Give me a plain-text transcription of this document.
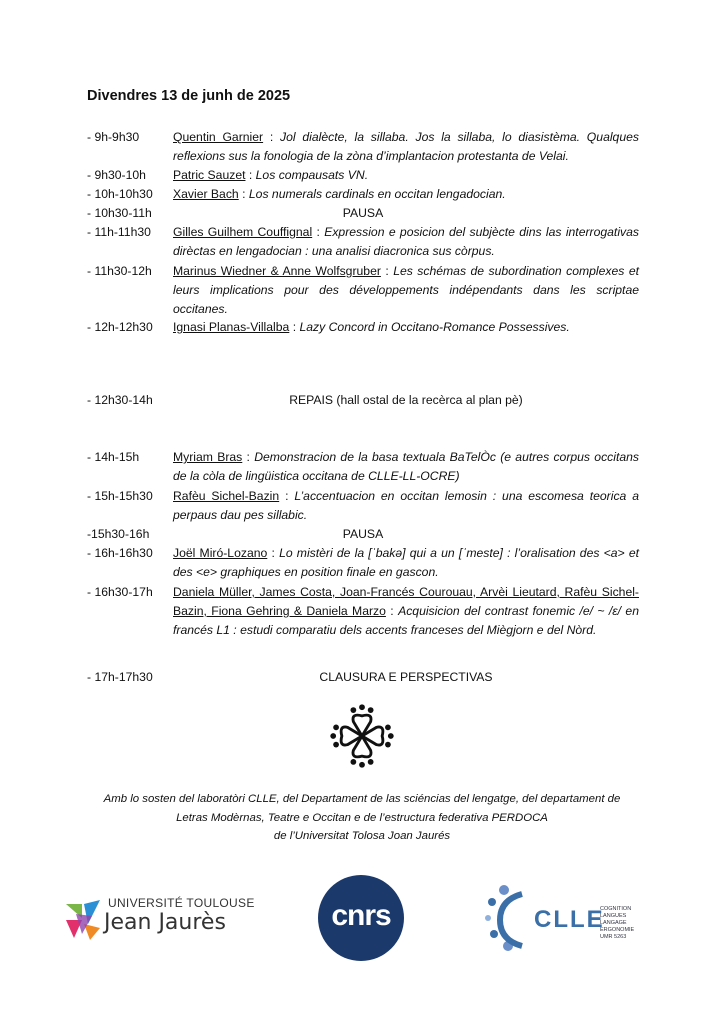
Divendres 13 de junh de 2025
- 9h-9h30	Quentin Garnier : Jol dialècte, la sillaba. Jos la sillaba, lo diasistèma. Qualques reflexions sus la fonologia de la zòna d’implantacion protestanta de Velai.
- 9h30-10h	Patric Sauzet : Los compausats VN.
- 10h-10h30	Xavier Bach : Los numerals cardinals en occitan lengadocian.
- 10h30-11h	PAUSA
- 11h-11h30	Gilles Guilhem Couffignal : Expression e posicion del subjècte dins las interrogativas dirèctas en lengadocian : una analisi diacronica sus còrpus.
- 11h30-12h	Marinus Wiedner & Anne Wolfsgruber : Les schémas de subordination complexes et leurs implications pour des développements indépendants dans les scriptae occitanes.
- 12h-12h30	Ignasi Planas-Villalba : Lazy Concord in Occitano-Romance Possessives.
- 12h30-14h	REPAIS (hall ostal de la recèrca al plan pè)
- 14h-15h	Myriam Bras : Demonstracion de la basa textuala BaTelÒc (e autres corpus occitans de la còla de lingüistica occitana de CLLE-LL-OCRE)
- 15h-15h30	Rafèu Sichel-Bazin : L’accentuacion en occitan lemosin : una escomesa teorica a perpaus dau pes sillabic.
-15h30-16h	PAUSA
- 16h-16h30	Joël Miró-Lozano : Lo mistèri de la [ˈbakə] qui a un [ˈmeste] : l’oralisation des <a> et des <e> graphiques en position finale en gascon.
- 16h30-17h	Daniela Müller, James Costa, Joan-Francés Courouau, Arvèi Lieutard, Rafèu Sichel-Bazin, Fiona Gehring & Daniela Marzo : Acquisicion del contrast fonemic /e/ ~ /ɛ/ en francés L1 : estudi comparatiu dels accents franceses del Miègjorn e del Nòrd.
- 17h-17h30	CLAUSURA E PERSPECTIVAS
Amb lo sosten del laboratòri CLLE, del Departament de las sciéncias del lengatge, del departament de
Letras Modèrnas, Teatre e Occitan e de l’estructura federativa PERDOCA
de l’Universitat Tolosa Joan Jaurés
UNIVERSITÉ TOULOUSE
Jean Jaurès	cnrs	CLLE
COGNITION
LANGUES
LANGAGE
ERGONOMIE
UMR 5263
